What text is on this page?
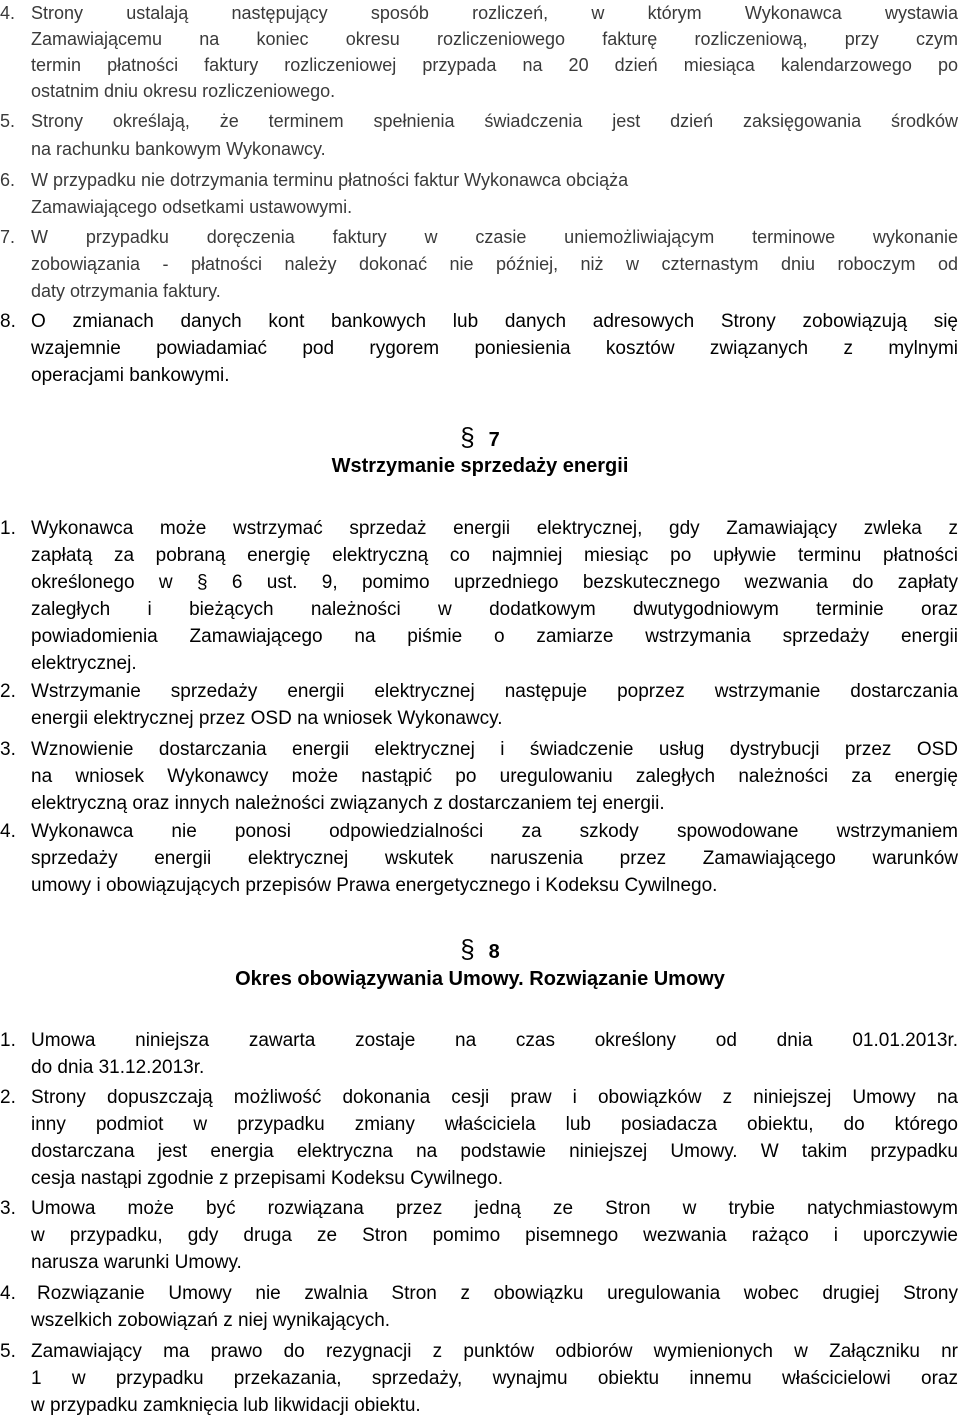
4. Strony ustalają następujący sposób rozliczeń, w którym Wykonawca wystawia
Zamawiającemu na koniec okresu rozliczeniowego fakturę rozliczeniową, przy czym
termin płatności faktury rozliczeniowej przypada na 20 dzień miesiąca kalendarzowego po
ostatnim dniu okresu rozliczeniowego.
5. Strony określają, że terminem spełnienia świadczenia jest dzień zaksięgowania środków
na rachunku bankowym Wykonawcy.
6. W przypadku nie dotrzymania terminu płatności faktur Wykonawca obciąża
Zamawiającego odsetkami ustawowymi.
7. W przypadku doręczenia faktury w czasie uniemożliwiającym terminowe wykonanie
zobowiązania - płatności należy dokonać nie później, niż w czternastym dniu roboczym od
daty otrzymania faktury.
8. O zmianach danych kont bankowych lub danych adresowych Strony zobowiązują się
wzajemnie powiadamiać pod rygorem poniesienia kosztów związanych z mylnymi
operacjami bankowymi.
§ 7
Wstrzymanie sprzedaży energii
1. Wykonawca może wstrzymać sprzedaż energii elektrycznej, gdy Zamawiający zwleka z
zapłatą za pobraną energię elektryczną co najmniej miesiąc po upływie terminu płatności
określonego w § 6 ust. 9, pomimo uprzedniego bezskutecznego wezwania do zapłaty
zaległych i bieżących należności w dodatkowym dwutygodniowym terminie oraz
powiadomienia Zamawiającego na piśmie o zamiarze wstrzymania sprzedaży energii
elektrycznej.
2. Wstrzymanie sprzedaży energii elektrycznej następuje poprzez wstrzymanie dostarczania
energii elektrycznej przez OSD na wniosek Wykonawcy.
3. Wznowienie dostarczania energii elektrycznej i świadczenie usług dystrybucji przez OSD
na wniosek Wykonawcy może nastąpić po uregulowaniu zaległych należności za energię
elektryczną oraz innych należności związanych z dostarczaniem tej energii.
4. Wykonawca nie ponosi odpowiedzialności za szkody spowodowane wstrzymaniem
sprzedaży energii elektrycznej wskutek naruszenia przez Zamawiającego warunków
umowy i obowiązujących przepisów Prawa energetycznego i Kodeksu Cywilnego.
§ 8
Okres obowiązywania Umowy. Rozwiązanie Umowy
1. Umowa niniejsza zawarta zostaje na czas określony od dnia 01.01.2013r.
do dnia 31.12.2013r.
2. Strony dopuszczają możliwość dokonania cesji praw i obowiązków z niniejszej Umowy na
inny podmiot w przypadku zmiany właściciela lub posiadacza obiektu, do którego
dostarczana jest energia elektryczna na podstawie niniejszej Umowy. W takim przypadku
cesja nastąpi zgodnie z przepisami Kodeksu Cywilnego.
3. Umowa może być rozwiązana przez jedną ze Stron w trybie natychmiastowym
w przypadku, gdy druga ze Stron pomimo pisemnego wezwania rażąco i uporczywie
narusza warunki Umowy.
4. Rozwiązanie Umowy nie zwalnia Stron z obowiązku uregulowania wobec drugiej Strony
wszelkich zobowiązań z niej wynikających.
5. Zamawiający ma prawo do rezygnacji z punktów odbiorów wymienionych w Załączniku nr
1 w przypadku przekazania, sprzedaży, wynajmu obiektu innemu właścicielowi oraz
w przypadku zamknięcia lub likwidacji obiektu.
